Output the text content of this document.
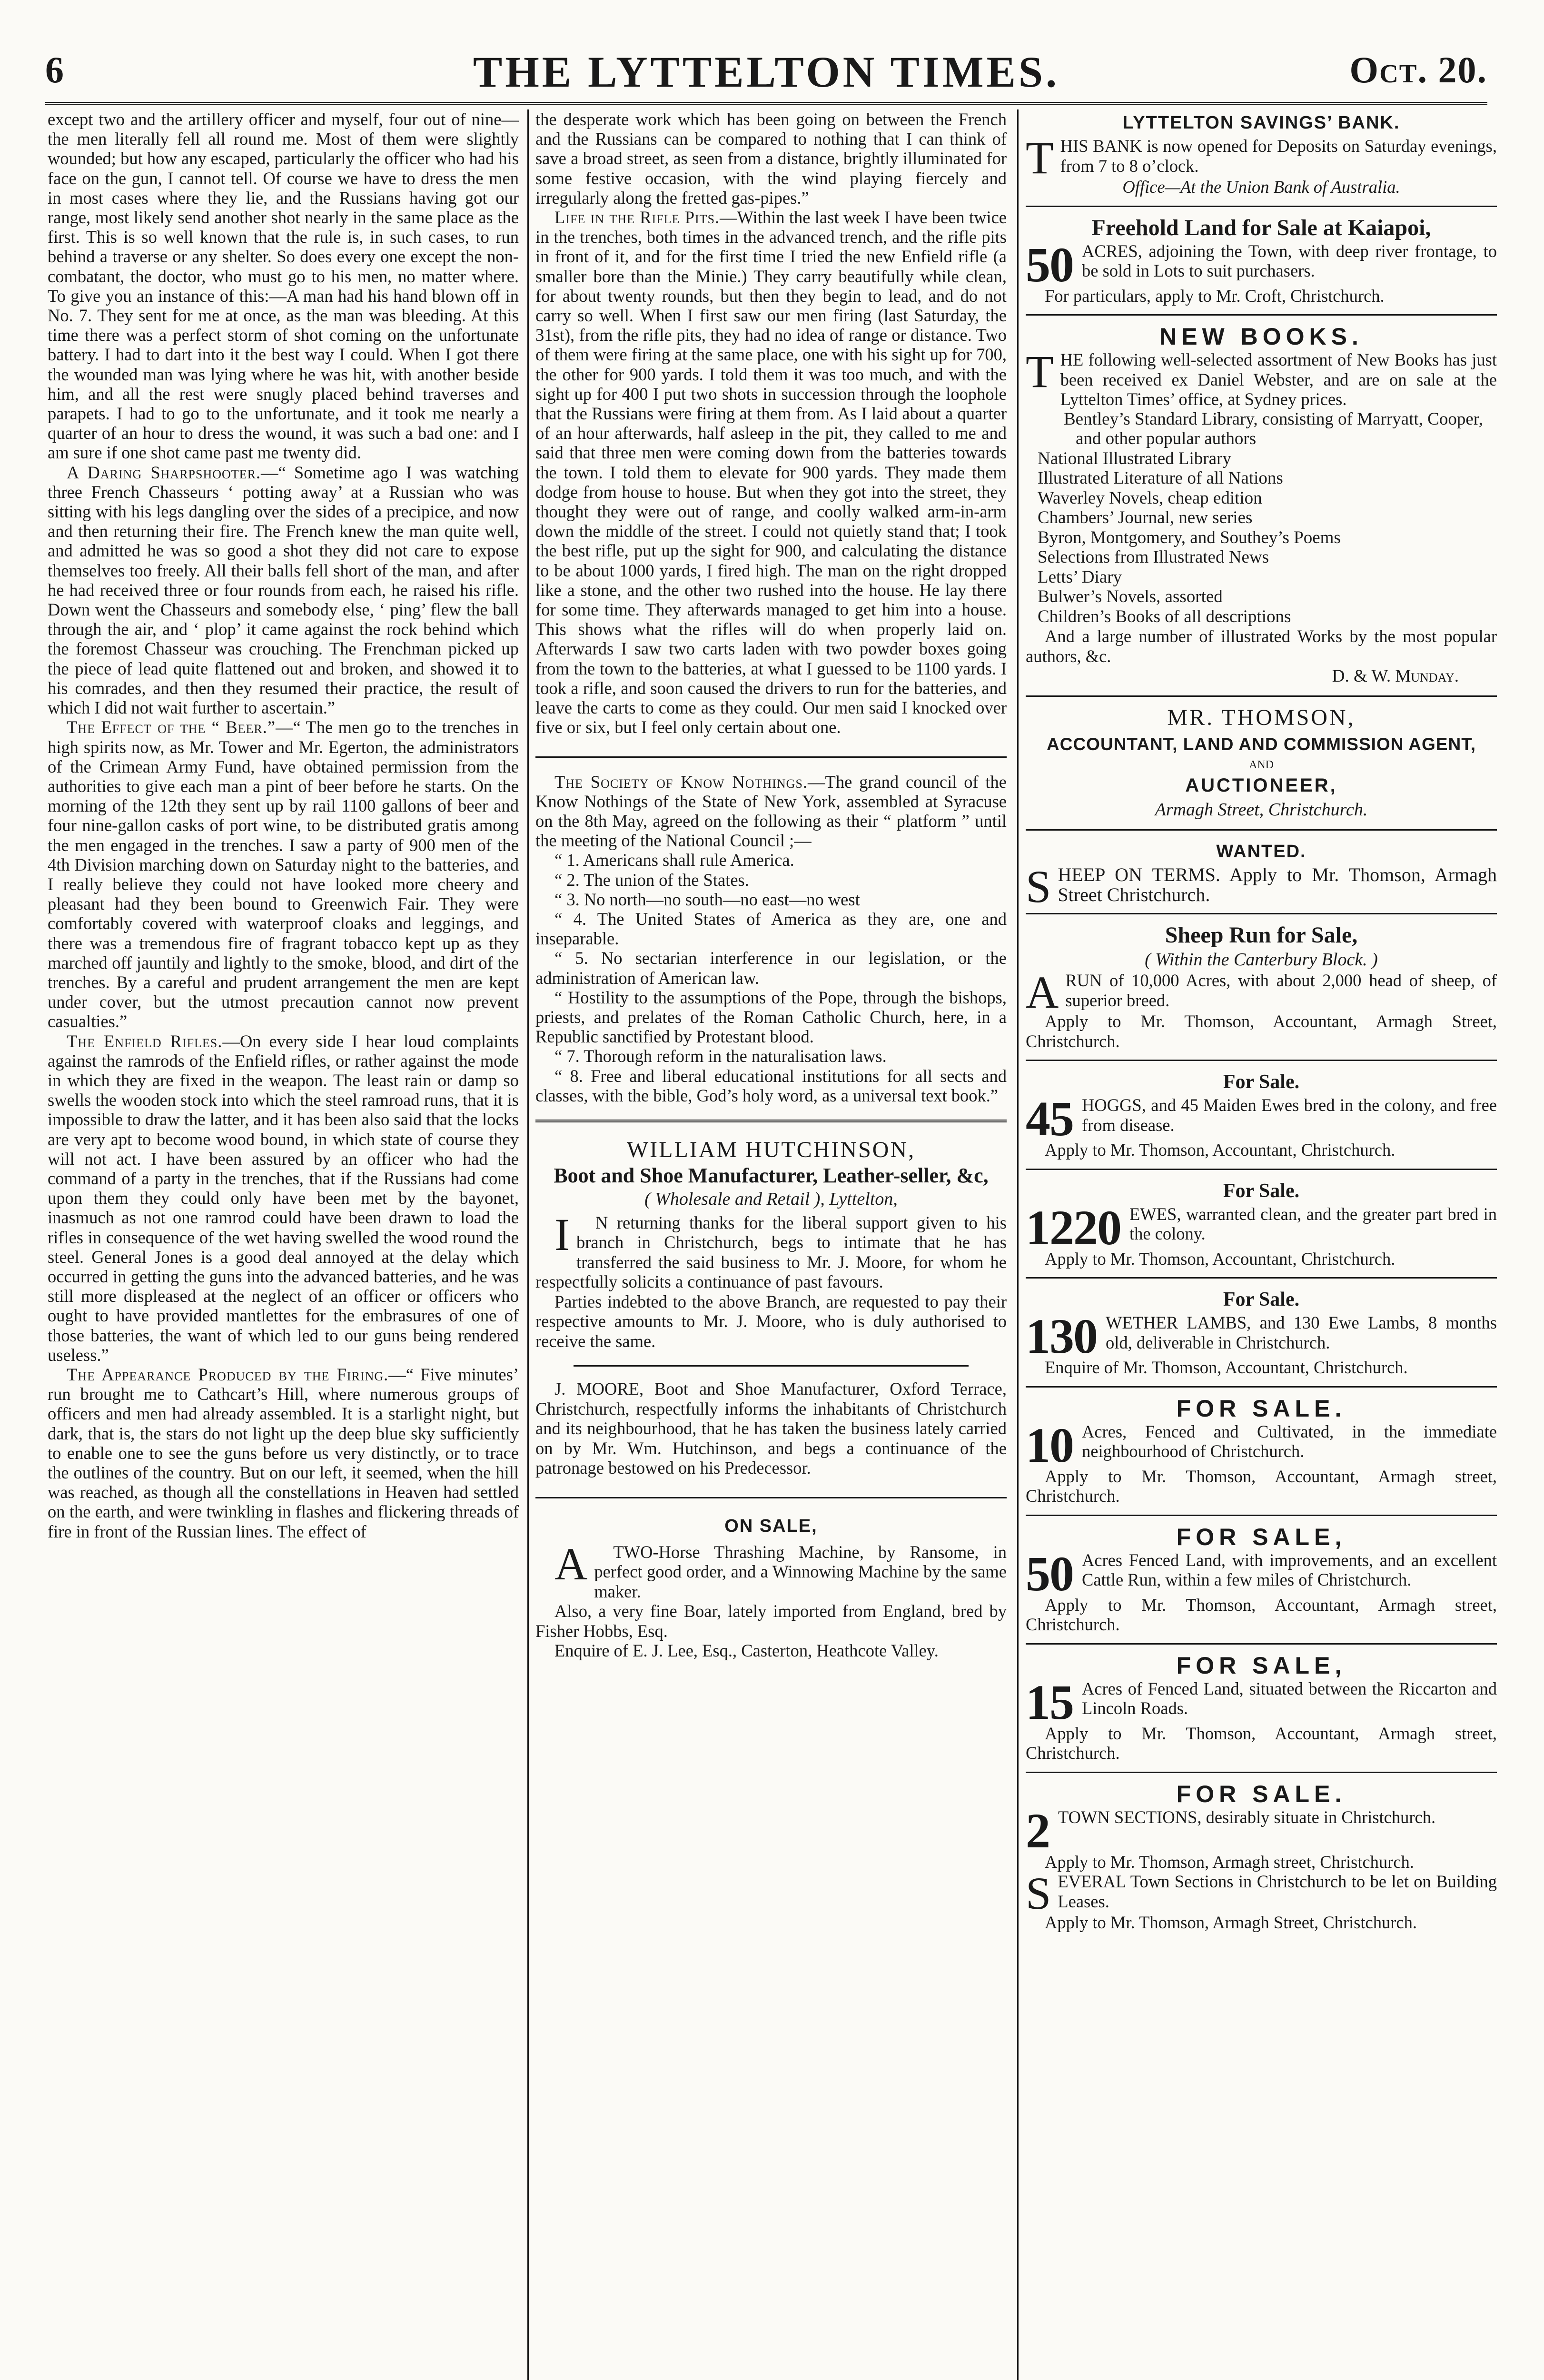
6	THE LYTTELTON TIMES.	Oct. 20.

except two and the artillery officer and myself, four out of nine—the men literally fell all round me. Most of them were slightly wounded; but how any escaped, particularly the officer who had his face on the gun, I cannot tell. Of course we have to dress the men in most cases where they lie, and the Russians having got our range, most likely send another shot nearly in the same place as the first. This is so well known that the rule is, in such cases, to run behind a traverse or any shelter. So does every one except the non-combatant, the doctor, who must go to his men, no matter where. To give you an instance of this:—A man had his hand blown off in No. 7. They sent for me at once, as the man was bleeding. At this time there was a perfect storm of shot coming on the unfortunate battery. I had to dart into it the best way I could. When I got there the wounded man was lying where he was hit, with another beside him, and all the rest were snugly placed behind traverses and parapets. I had to go to the unfortunate, and it took me nearly a quarter of an hour to dress the wound, it was such a bad one: and I am sure if one shot came past me twenty did.

A Daring Sharpshooter.—“ Sometime ago I was watching three French Chasseurs ‘ potting away’ at a Russian who was sitting with his legs dangling over the sides of a precipice, and now and then returning their fire. The French knew the man quite well, and admitted he was so good a shot they did not care to expose themselves too freely. All their balls fell short of the man, and after he had received three or four rounds from each, he raised his rifle. Down went the Chasseurs and somebody else, ‘ ping’ flew the ball through the air, and ‘ plop’ it came against the rock behind which the foremost Chasseur was crouching. The Frenchman picked up the piece of lead quite flattened out and broken, and showed it to his comrades, and then they resumed their practice, the result of which I did not wait further to ascertain.”

The Effect of the “ Beer.”—“ The men go to the trenches in high spirits now, as Mr. Tower and Mr. Egerton, the administrators of the Crimean Army Fund, have obtained permission from the authorities to give each man a pint of beer before he starts. On the morning of the 12th they sent up by rail 1100 gallons of beer and four nine-gallon casks of port wine, to be distributed gratis among the men engaged in the trenches. I saw a party of 900 men of the 4th Division marching down on Saturday night to the batteries, and I really believe they could not have looked more cheery and pleasant had they been bound to Greenwich Fair. They were comfortably covered with waterproof cloaks and leggings, and there was a tremendous fire of fragrant tobacco kept up as they marched off jauntily and lightly to the smoke, blood, and dirt of the trenches. By a careful and prudent arrangement the men are kept under cover, but the utmost precaution cannot now prevent casualties.”

The Enfield Rifles.—On every side I hear loud complaints against the ramrods of the Enfield rifles, or rather against the mode in which they are fixed in the weapon. The least rain or damp so swells the wooden stock into which the steel ramroad runs, that it is impossible to draw the latter, and it has been also said that the locks are very apt to become wood bound, in which state of course they will not act. I have been assured by an officer who had the command of a party in the trenches, that if the Russians had come upon them they could only have been met by the bayonet, inasmuch as not one ramrod could have been drawn to load the rifles in consequence of the wet having swelled the wood round the steel. General Jones is a good deal annoyed at the delay which occurred in getting the guns into the advanced batteries, and he was still more displeased at the neglect of an officer or officers who ought to have provided mantlettes for the embrasures of one of those batteries, the want of which led to our guns being rendered useless.”

The Appearance Produced by the Firing.—“ Five minutes’ run brought me to Cathcart’s Hill, where numerous groups of officers and men had already assembled. It is a starlight night, but dark, that is, the stars do not light up the deep blue sky sufficiently to enable one to see the guns before us very distinctly, or to trace the outlines of the country. But on our left, it seemed, when the hill was reached, as though all the constellations in Heaven had settled on the earth, and were twinkling in flashes and flickering threads of fire in front of the Russian lines. The effect of

the desperate work which has been going on between the French and the Russians can be compared to nothing that I can think of save a broad street, as seen from a distance, brightly illuminated for some festive occasion, with the wind playing fiercely and irregularly along the fretted gas-pipes.”

Life in the Rifle Pits.—Within the last week I have been twice in the trenches, both times in the advanced trench, and the rifle pits in front of it, and for the first time I tried the new Enfield rifle (a smaller bore than the Minie.) They carry beautifully while clean, for about twenty rounds, but then they begin to lead, and do not carry so well. When I first saw our men firing (last Saturday, the 31st), from the rifle pits, they had no idea of range or distance. Two of them were firing at the same place, one with his sight up for 700, the other for 900 yards. I told them it was too much, and with the sight up for 400 I put two shots in succession through the loophole that the Russians were firing at them from. As I laid about a quarter of an hour afterwards, half asleep in the pit, they called to me and said that three men were coming down from the batteries towards the town. I told them to elevate for 900 yards. They made them dodge from house to house. But when they got into the street, they thought they were out of range, and coolly walked arm-in-arm down the middle of the street. I could not quietly stand that; I took the best rifle, put up the sight for 900, and calculating the distance to be about 1000 yards, I fired high. The man on the right dropped like a stone, and the other two rushed into the house. He lay there for some time. They afterwards managed to get him into a house. This shows what the rifles will do when properly laid on. Afterwards I saw two carts laden with two powder boxes going from the town to the batteries, at what I guessed to be 1100 yards. I took a rifle, and soon caused the drivers to run for the batteries, and leave the carts to come as they could. Our men said I knocked over five or six, but I feel only certain about one.

The Society of Know Nothings.—The grand council of the Know Nothings of the State of New York, assembled at Syracuse on the 8th May, agreed on the following as their “ platform ” until the meeting of the National Council ;—

“ 1. Americans shall rule America.

“ 2. The union of the States.

“ 3. No north—no south—no east—no west

“ 4. The United States of America as they are, one and inseparable.

“ 5. No sectarian interference in our legislation, or the administration of American law.

“ Hostility to the assumptions of the Pope, through the bishops, priests, and prelates of the Roman Catholic Church, here, in a Republic sanctified by Protestant blood.

“ 7. Thorough reform in the naturalisation laws.

“ 8. Free and liberal educational institutions for all sects and classes, with the bible, God’s holy word, as a universal text book.”

WILLIAM HUTCHINSON,
Boot and Shoe Manufacturer, Leather-seller, &c,
( Wholesale and Retail ), Lyttelton,

I N returning thanks for the liberal support given to his branch in Christchurch, begs to intimate that he has transferred the said business to Mr. J. Moore, for whom he respectfully solicits a continuance of past favours.

Parties indebted to the above Branch, are requested to pay their respective amounts to Mr. J. Moore, who is duly authorised to receive the same.

J. MOORE, Boot and Shoe Manufacturer, Oxford Terrace, Christchurch, respectfully informs the inhabitants of Christchurch and its neighbourhood, that he has taken the business lately carried on by Mr. Wm. Hutchinson, and begs a continuance of the patronage bestowed on his Predecessor.

ON SALE,

A TWO-Horse Thrashing Machine, by Ransome, in perfect good order, and a Winnowing Machine by the same maker.

Also, a very fine Boar, lately imported from England, bred by Fisher Hobbs, Esq.

Enquire of E. J. Lee, Esq., Casterton, Heathcote Valley.

LYTTELTON SAVINGS’ BANK.

THIS BANK is now opened for Deposits on Saturday evenings, from 7 to 8 o’clock.

Office—At the Union Bank of Australia.

Freehold Land for Sale at Kaiapoi,

50 ACRES, adjoining the Town, with deep river frontage, to be sold in Lots to suit purchasers.

For particulars, apply to Mr. Croft, Christchurch.

NEW BOOKS.

THE following well-selected assortment of New Books has just been received ex Daniel Webster, and are on sale at the Lyttelton Times’ office, at Sydney prices.

Bentley’s Standard Library, consisting of Marryatt, Cooper, and other popular authors
National Illustrated Library
Illustrated Literature of all Nations
Waverley Novels, cheap edition
Chambers’ Journal, new series
Byron, Montgomery, and Southey’s Poems
Selections from Illustrated News
Letts’ Diary
Bulwer’s Novels, assorted
Children’s Books of all descriptions

And a large number of illustrated Works by the most popular authors, &c.

D. & W. Munday.
MR. THOMSON,
ACCOUNTANT, LAND AND COMMISSION AGENT,
AND
AUCTIONEER,
Armagh Street, Christchurch.
WANTED.

SHEEP ON TERMS. Apply to Mr. Thomson, Armagh Street Christchurch.

Sheep Run for Sale,
( Within the Canterbury Block. )

ARUN of 10,000 Acres, with about 2,000 head of sheep, of superior breed.

Apply to Mr. Thomson, Accountant, Armagh Street, Christchurch.

For Sale.

45 HOGGS, and 45 Maiden Ewes bred in the colony, and free from disease.

Apply to Mr. Thomson, Accountant, Christchurch.

For Sale.

1220 EWES, warranted clean, and the greater part bred in the colony.

Apply to Mr. Thomson, Accountant, Christchurch.

For Sale.

130 WETHER LAMBS, and 130 Ewe Lambs, 8 months old, deliverable in Christchurch.

Enquire of Mr. Thomson, Accountant, Christchurch.

FOR SALE.

10 Acres, Fenced and Cultivated, in the immediate neighbourhood of Christchurch.

Apply to Mr. Thomson, Accountant, Armagh street, Christchurch.

FOR SALE,

50 Acres Fenced Land, with improvements, and an excellent Cattle Run, within a few miles of Christchurch.

Apply to Mr. Thomson, Accountant, Armagh street, Christchurch.

FOR SALE,

15 Acres of Fenced Land, situated between the Riccarton and Lincoln Roads.

Apply to Mr. Thomson, Accountant, Armagh street, Christchurch.

FOR SALE.

2 TOWN SECTIONS, desirably situate in Christchurch.

Apply to Mr. Thomson, Armagh street, Christchurch.

SEVERAL Town Sections in Christchurch to be let on Building Leases.

Apply to Mr. Thomson, Armagh Street, Christchurch.
